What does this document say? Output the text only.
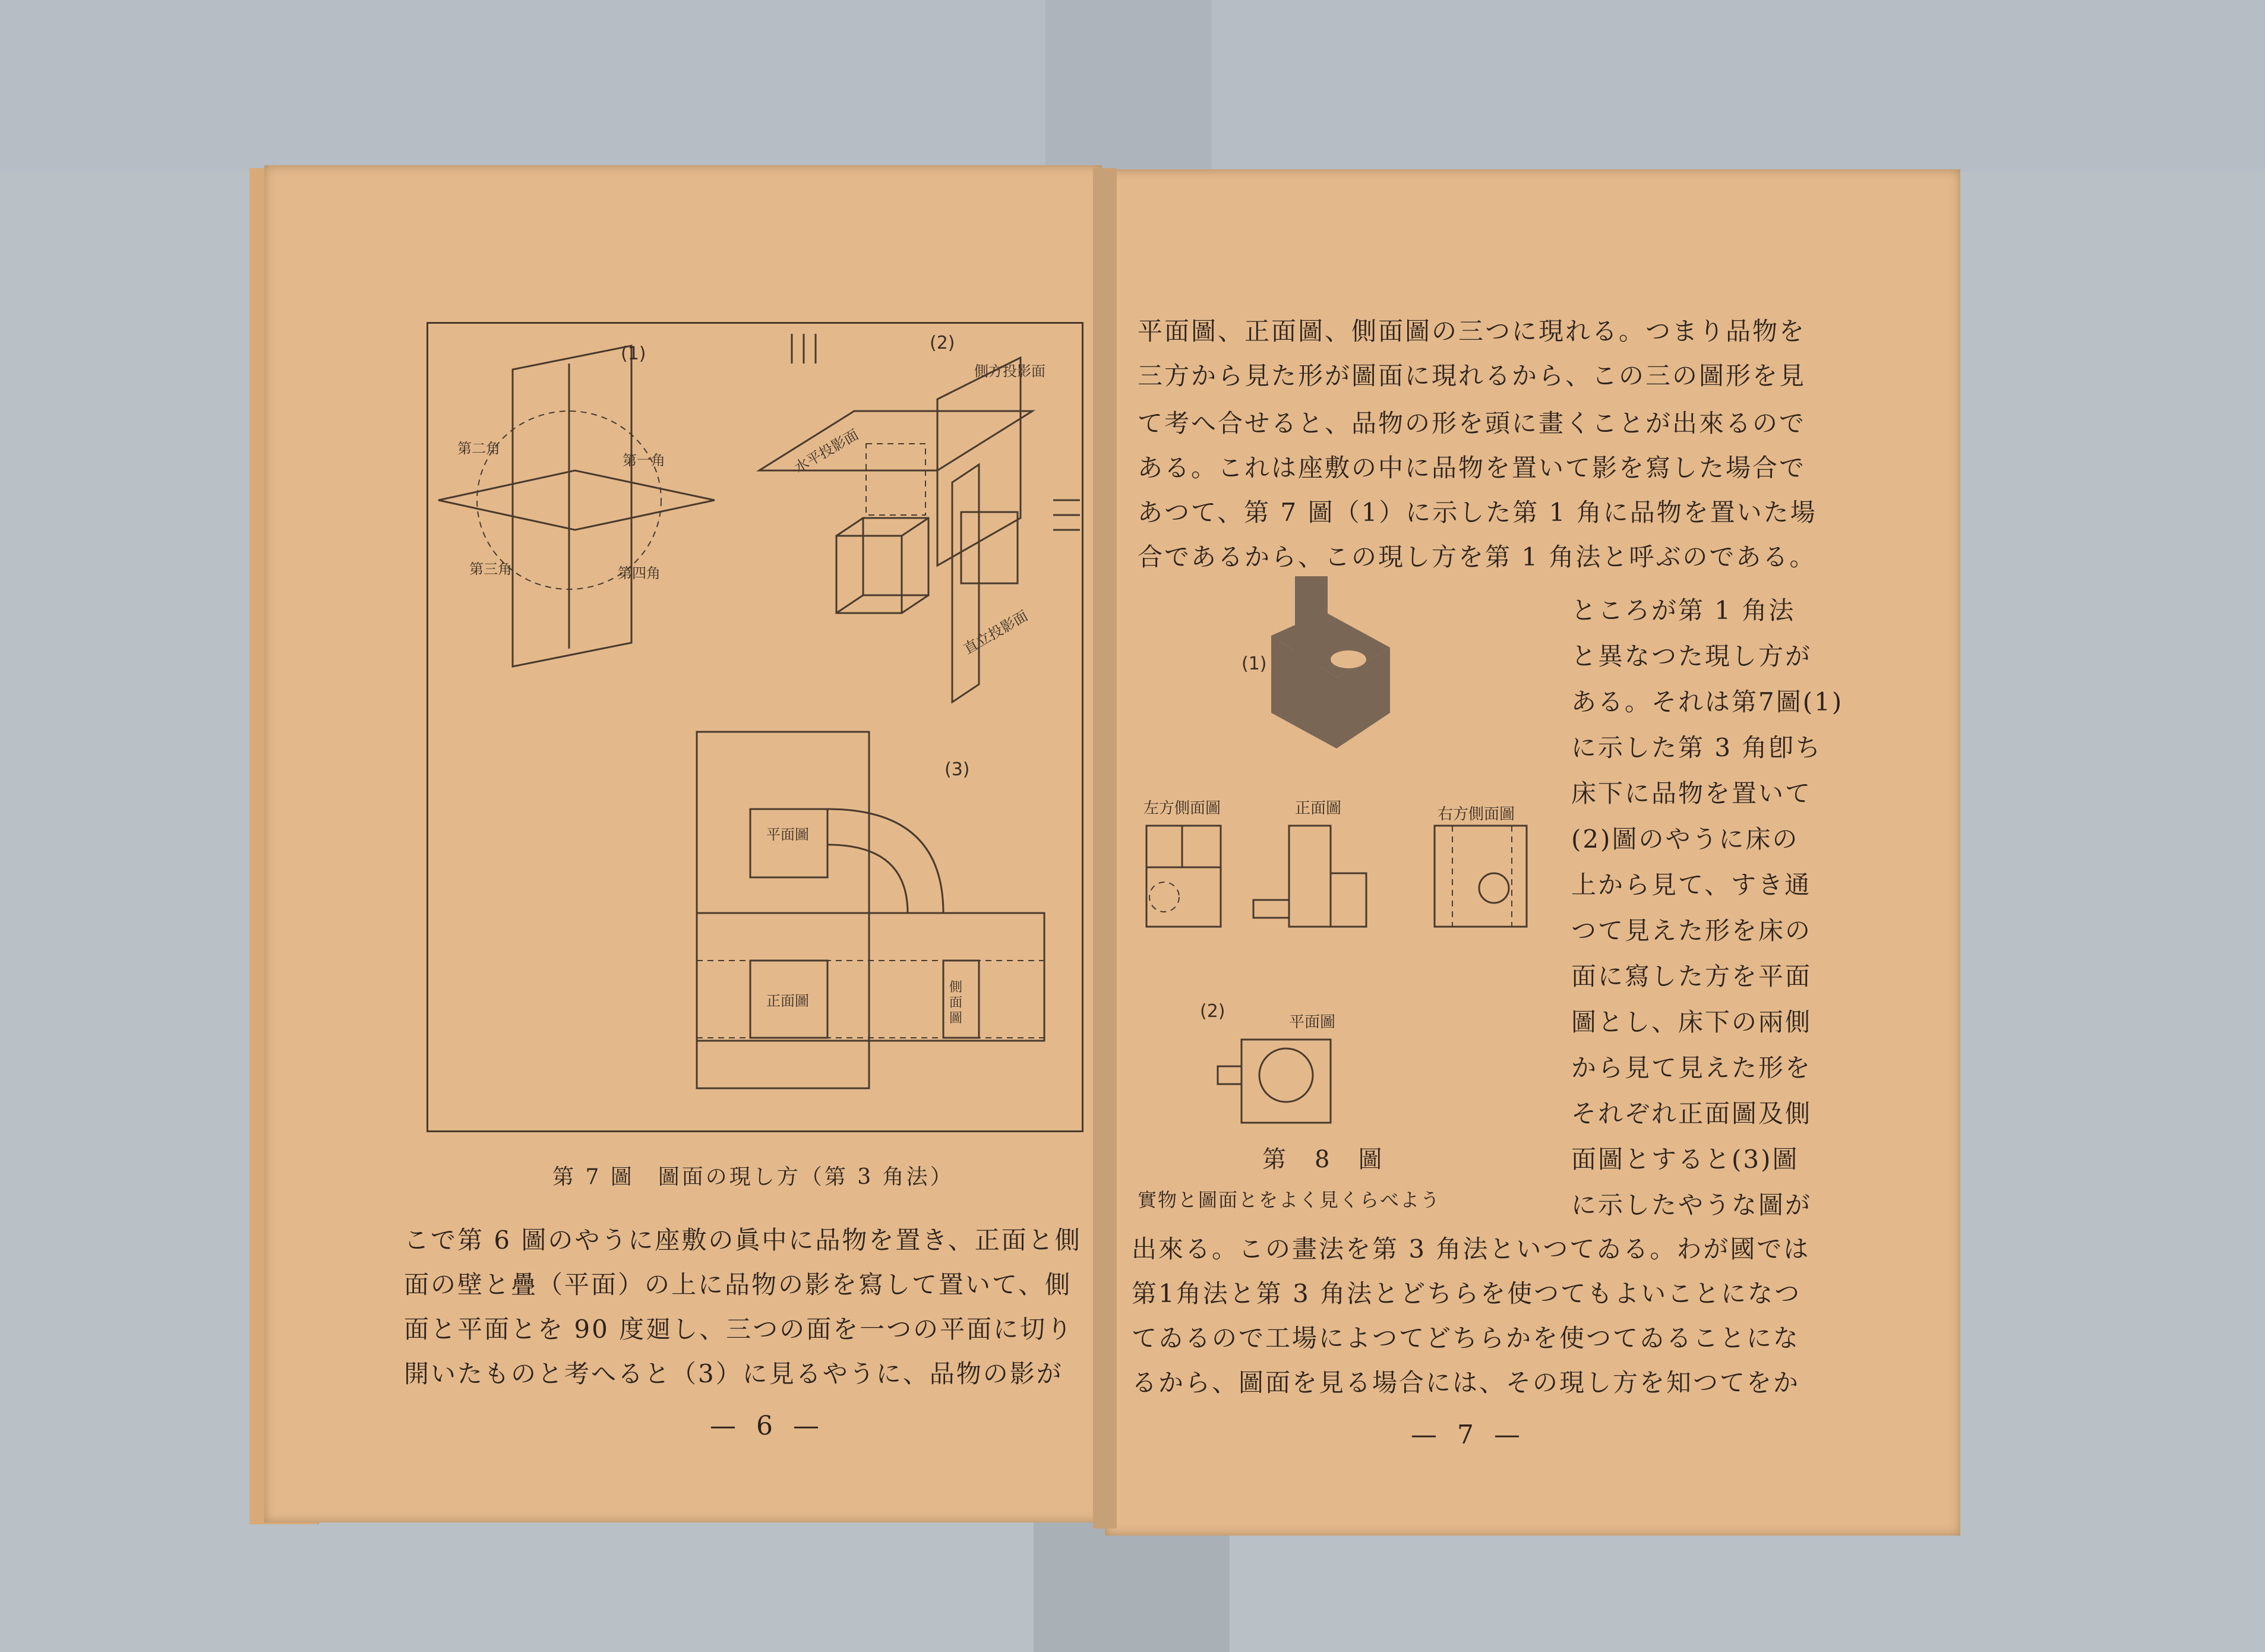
(1)
(2)
(3)
第二角
第一角
第三角	第四角
側方投影面
水平投影面
直立投影面
平面圖
正面圖
側面圖
第 7 圖　圖面の現し方（第 3 角法）
こで第 6 圖のやうに座敷の眞中に品物を置き、正面と側
面の壁と疊（平面）の上に品物の影を寫して置いて、側
面と平面とを 90 度廻し、三つの面を一つの平面に切り
開いたものと考へると（3）に見るやうに、品物の影が
— 6 —
平面圖、正面圖、側面圖の三つに現れる。つまり品物を
三方から見た形が圖面に現れるから、この三の圖形を見
て考へ合せると、品物の形を頭に畫くことが出來るので
ある。これは座敷の中に品物を置いて影を寫した場合で
あつて、第 7 圖（1）に示した第 1 角に品物を置いた場
合であるから、この現し方を第 1 角法と呼ぶのである。
ところが第 1 角法
と異なつた現し方が
ある。それは第7圖(1)
に示した第 3 角卽ち
床下に品物を置いて
(2)圖のやうに床の
上から見て、すき通
つて見えた形を床の
面に寫した方を平面
圖とし、床下の兩側
から見て見えた形を
それぞれ正面圖及側
面圖とすると(3)圖
に示したやうな圖が
(1)
(2)
左方側面圖	正面圖	右方側面圖
平面圖
第　8　圖
實物と圖面とをよく見くらべよう
出來る。この畫法を第 3 角法といつてゐる。わが國では
第1角法と第 3 角法とどちらを使つてもよいことになつ
てゐるので工場によつてどちらかを使つてゐることにな
るから、圖面を見る場合には、その現し方を知つてをか
— 7 —
